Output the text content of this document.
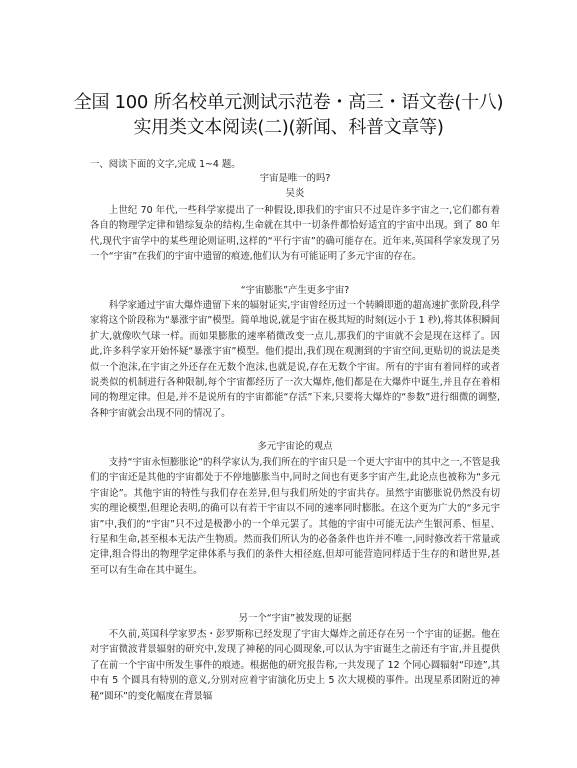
全国 100 所名校单元测试示范卷・高三・语文卷(十八)
实用类文本阅读(二)(新闻、科普文章等)
一、阅读下面的文字,完成 1~4 题。
宇宙是唯一的吗?
吴炎

上世纪 70 年代,一些科学家提出了一种假设,即我们的宇宙只不过是许多宇宙之一,它们都有着各自的物理学定律和错综复杂的结构,生命就在其中一切条件都恰好适宜的宇宙中出现。到了 80 年代,现代宇宙学中的某些理论则证明,这样的“平行宇宙”的确可能存在。近年来,英国科学家发现了另一个“宇宙”在我们的宇宙中遗留的痕迹,他们认为有可能证明了多元宇宙的存在。

“宇宙膨胀”产生更多宇宙?

科学家通过宇宙大爆炸遗留下来的辐射证实,宇宙曾经历过一个转瞬即逝的超高速扩张阶段,科学家将这个阶段称为“暴涨宇宙”模型。简单地说,就是宇宙在极其短的时刻(远小于 1 秒),将其体积瞬间扩大,就像吹气球一样。而如果膨胀的速率稍微改变一点儿,那我们的宇宙就不会是现在这样了。因此,许多科学家开始怀疑“暴涨宇宙”模型。他们提出,我们现在观测到的宇宙空间,更贴切的说法是类似一个泡沫,在宇宙之外还存在无数个泡沫,也就是说,存在无数个宇宙。所有的宇宙有着同样的或者说类似的机制进行各种限制,每个宇宙都经历了一次大爆炸,他们都是在大爆炸中诞生,并且存在着相同的物理定律。但是,并不是说所有的宇宙都能“存活”下来,只要将大爆炸的“参数”进行细微的调整,各种宇宙就会出现不同的情况了。

多元宇宙论的观点

支持“宇宙永恒膨胀论”的科学家认为,我们所在的宇宙只是一个更大宇宙中的其中之一,不管是我们的宇宙还是其他的宇宙都处于不停地膨胀当中,同时之间也有更多宇宙产生,此论点也被称为“多元宇宙论”。其他宇宙的特性与我们存在差异,但与我们所处的宇宙共存。虽然宇宙膨胀说仍然没有切实的理论模型,但理论表明,的确可以有若干宇宙以不同的速率同时膨胀。在这个更为广大的“多元宇宙”中,我们的“宇宙”只不过是极渺小的一个单元罢了。其他的宇宙中可能无法产生银河系、恒星、行星和生命,甚至根本无法产生物质。然而我们所认为的必备条件也许并不唯一,同时修改若干常量或定律,组合得出的物理学定律体系与我们的条件大相径庭,但却可能营造同样适于生存的和谐世界,甚至可以有生命在其中诞生。

另一个“宇宙”被发现的证据

不久前,英国科学家罗杰・彭罗斯称已经发现了宇宙大爆炸之前还存在另一个宇宙的证据。他在对宇宙微波背景辐射的研究中,发现了神秘的同心圆现象,可以认为宇宙诞生之前还有宇宙,并且提供了在前一个宇宙中所发生事件的痕迹。根据他的研究报告称,一共发现了 12 个同心圆辐射“印迹”,其中有 5 个圆具有特别的意义,分别对应着宇宙演化历史上 5 次大规模的事件。出现星系团附近的神秘“圆环”的变化幅度在背景辐
